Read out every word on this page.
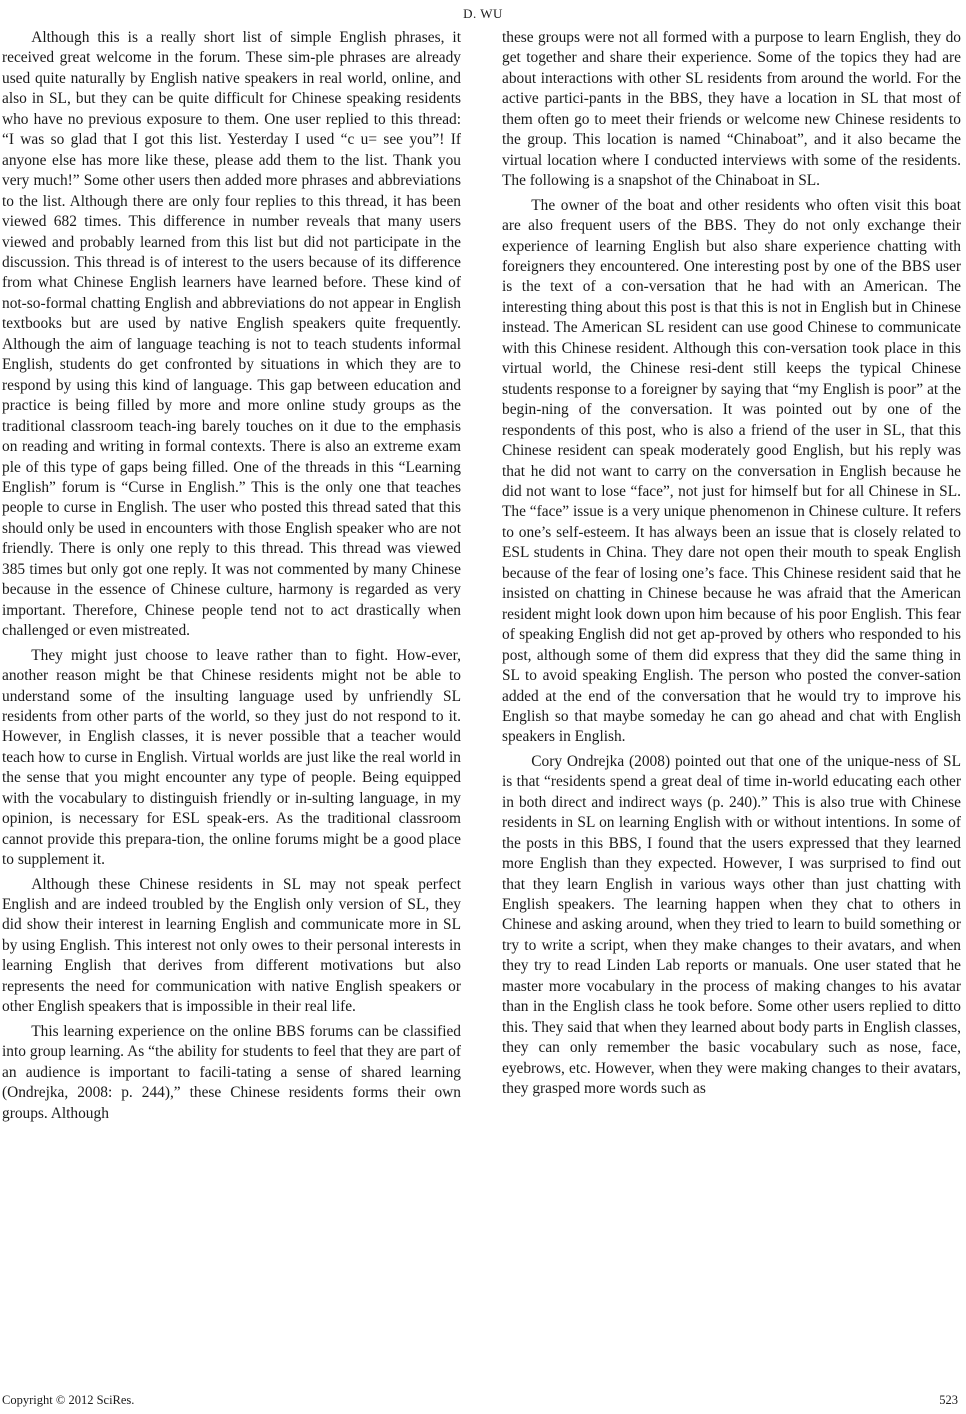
D. WU

Although this is a really short list of simple English phrases, it received great welcome in the forum. These sim-ple phrases are already used quite naturally by English native speakers in real world, online, and also in SL, but they can be quite difficult for Chinese speaking residents who have no previous exposure to them. One user replied to this thread: “I was so glad that I got this list. Yesterday I used “c u= see you”! If anyone else has more like these, please add them to the list. Thank you very much!” Some other users then added more phrases and abbreviations to the list. Although there are only four replies to this thread, it has been viewed 682 times. This difference in number reveals that many users viewed and probably learned from this list but did not participate in the discussion. This thread is of interest to the users because of its difference from what Chinese English learners have learned before. These kind of not-so-formal chatting English and abbreviations do not appear in English textbooks but are used by native English speakers quite frequently. Although the aim of language teaching is not to teach students informal English, students do get confronted by situations in which they are to respond by using this kind of language. This gap between education and practice is being filled by more and more online study groups as the traditional classroom teach-ing barely touches on it due to the emphasis on reading and writing in formal contexts. There is also an extreme exam ple of this type of gaps being filled. One of the threads in this “Learning English” forum is “Curse in English.” This is the only one that teaches people to curse in English. The user who posted this thread sated that this should only be used in encounters with those English speaker who are not friendly. There is only one reply to this thread. This thread was viewed 385 times but only got one reply. It was not commented by many Chinese because in the essence of Chinese culture, harmony is regarded as very important. Therefore, Chinese people tend not to act drastically when challenged or even mistreated.

They might just choose to leave rather than to fight. How-ever, another reason might be that Chinese residents might not be able to understand some of the insulting language used by unfriendly SL residents from other parts of the world, so they just do not respond to it. However, in English classes, it is never possible that a teacher would teach how to curse in English. Virtual worlds are just like the real world in the sense that you might encounter any type of people. Being equipped with the vocabulary to distinguish friendly or in-sulting language, in my opinion, is necessary for ESL speak-ers. As the traditional classroom cannot provide this prepara-tion, the online forums might be a good place to supplement it.

Although these Chinese residents in SL may not speak perfect English and are indeed troubled by the English only version of SL, they did show their interest in learning English and communicate more in SL by using English. This interest not only owes to their personal interests in learning English that derives from different motivations but also represents the need for communication with native English speakers or other English speakers that is impossible in their real life.

This learning experience on the online BBS forums can be classified into group learning. As “the ability for students to feel that they are part of an audience is important to facili-tating a sense of shared learning (Ondrejka, 2008: p. 244),” these Chinese residents forms their own groups. Although

these groups were not all formed with a purpose to learn English, they do get together and share their experience. Some of the topics they had are about interactions with other SL residents from around the world. For the active partici-pants in the BBS, they have a location in SL that most of them often go to meet their friends or welcome new Chinese residents to the group. This location is named “Chinaboat”, and it also became the virtual location where I conducted interviews with some of the residents. The following is a snapshot of the Chinaboat in SL.

The owner of the boat and other residents who often visit this boat are also frequent users of the BBS. They do not only exchange their experience of learning English but also share experience chatting with foreigners they encountered. One interesting post by one of the BBS user is the text of a con-versation that he had with an American. The interesting thing about this post is that this is not in English but in Chinese instead. The American SL resident can use good Chinese to communicate with this Chinese resident. Although this con-versation took place in this virtual world, the Chinese resi-dent still keeps the typical Chinese students response to a foreigner by saying that “my English is poor” at the begin-ning of the conversation. It was pointed out by one of the respondents of this post, who is also a friend of the user in SL, that this Chinese resident can speak moderately good English, but his reply was that he did not want to carry on the conversation in English because he did not want to lose “face”, not just for himself but for all Chinese in SL. The “face” issue is a very unique phenomenon in Chinese culture. It refers to one’s self-esteem. It has always been an issue that is closely related to ESL students in China. They dare not open their mouth to speak English because of the fear of losing one’s face. This Chinese resident said that he insisted on chatting in Chinese because he was afraid that the American resident might look down upon him because of his poor English. This fear of speaking English did not get ap-proved by others who responded to his post, although some of them did express that they did the same thing in SL to avoid speaking English. The person who posted the conver-sation added at the end of the conversation that he would try to improve his English so that maybe someday he can go ahead and chat with English speakers in English.

Cory Ondrejka (2008) pointed out that one of the unique-ness of SL is that “residents spend a great deal of time in-world educating each other in both direct and indirect ways (p. 240).” This is also true with Chinese residents in SL on learning English with or without intentions. In some of the posts in this BBS, I found that the users expressed that they learned more English than they expected. However, I was surprised to find out that they learn English in various ways other than just chatting with English speakers. The learning happen when they chat to others in Chinese and asking around, when they tried to learn to build something or try to write a script, when they make changes to their avatars, and when they try to read Linden Lab reports or manuals. One user stated that he master more vocabulary in the process of making changes to his avatar than in the English class he took before. Some other users replied to ditto this. They said that when they learned about body parts in English classes, they can only remember the basic vocabulary such as nose, face, eyebrows, etc. However, when they were making changes to their avatars, they grasped more words such as

Copyright © 2012 SciRes.	523
